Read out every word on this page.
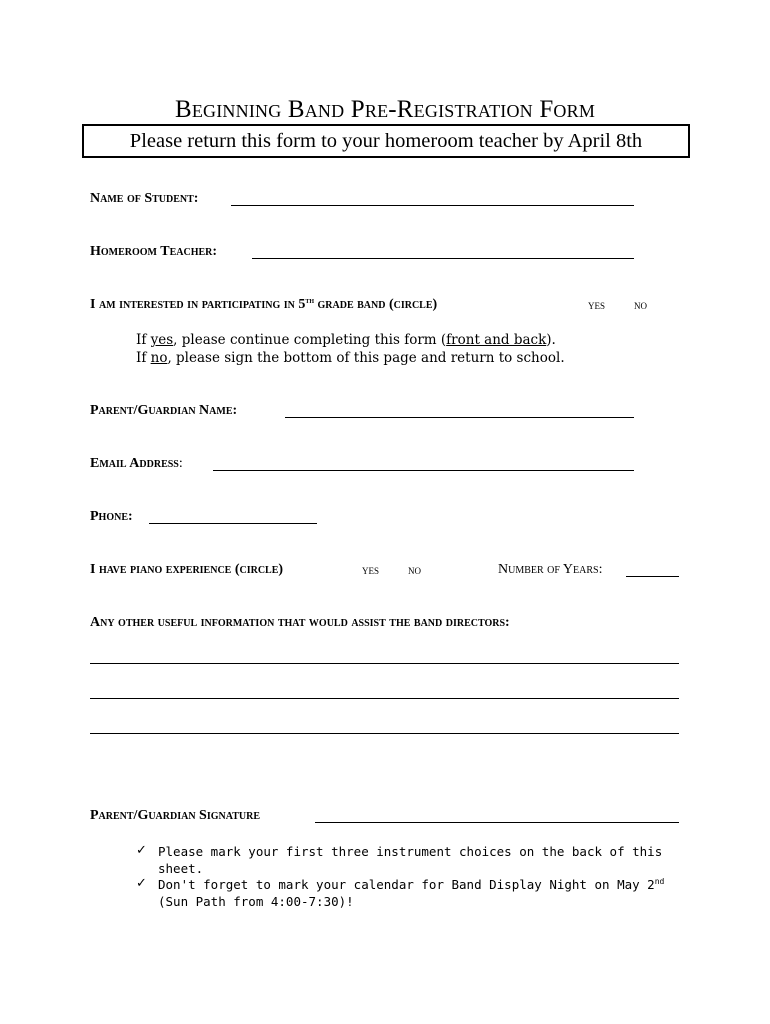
Beginning Band Pre-Registration Form
Please return this form to your homeroom teacher by April 8th
Name of Student:
Homeroom Teacher:
I am interested in participating in 5th grade band (circle)	yes no
If yes, please continue completing this form (front and back).
If no, please sign the bottom of this page and return to school.
Parent/Guardian Name:
Email Address:
Phone:
I have piano experience (circle)	yes no	Number of Years:
Any other useful information that would assist the band directors:
Parent/Guardian Signature
✓ Please mark your first three instrument choices on the back of this sheet.
✓ Don't forget to mark your calendar for Band Display Night on May 2nd (Sun Path from 4:00-7:30)!
